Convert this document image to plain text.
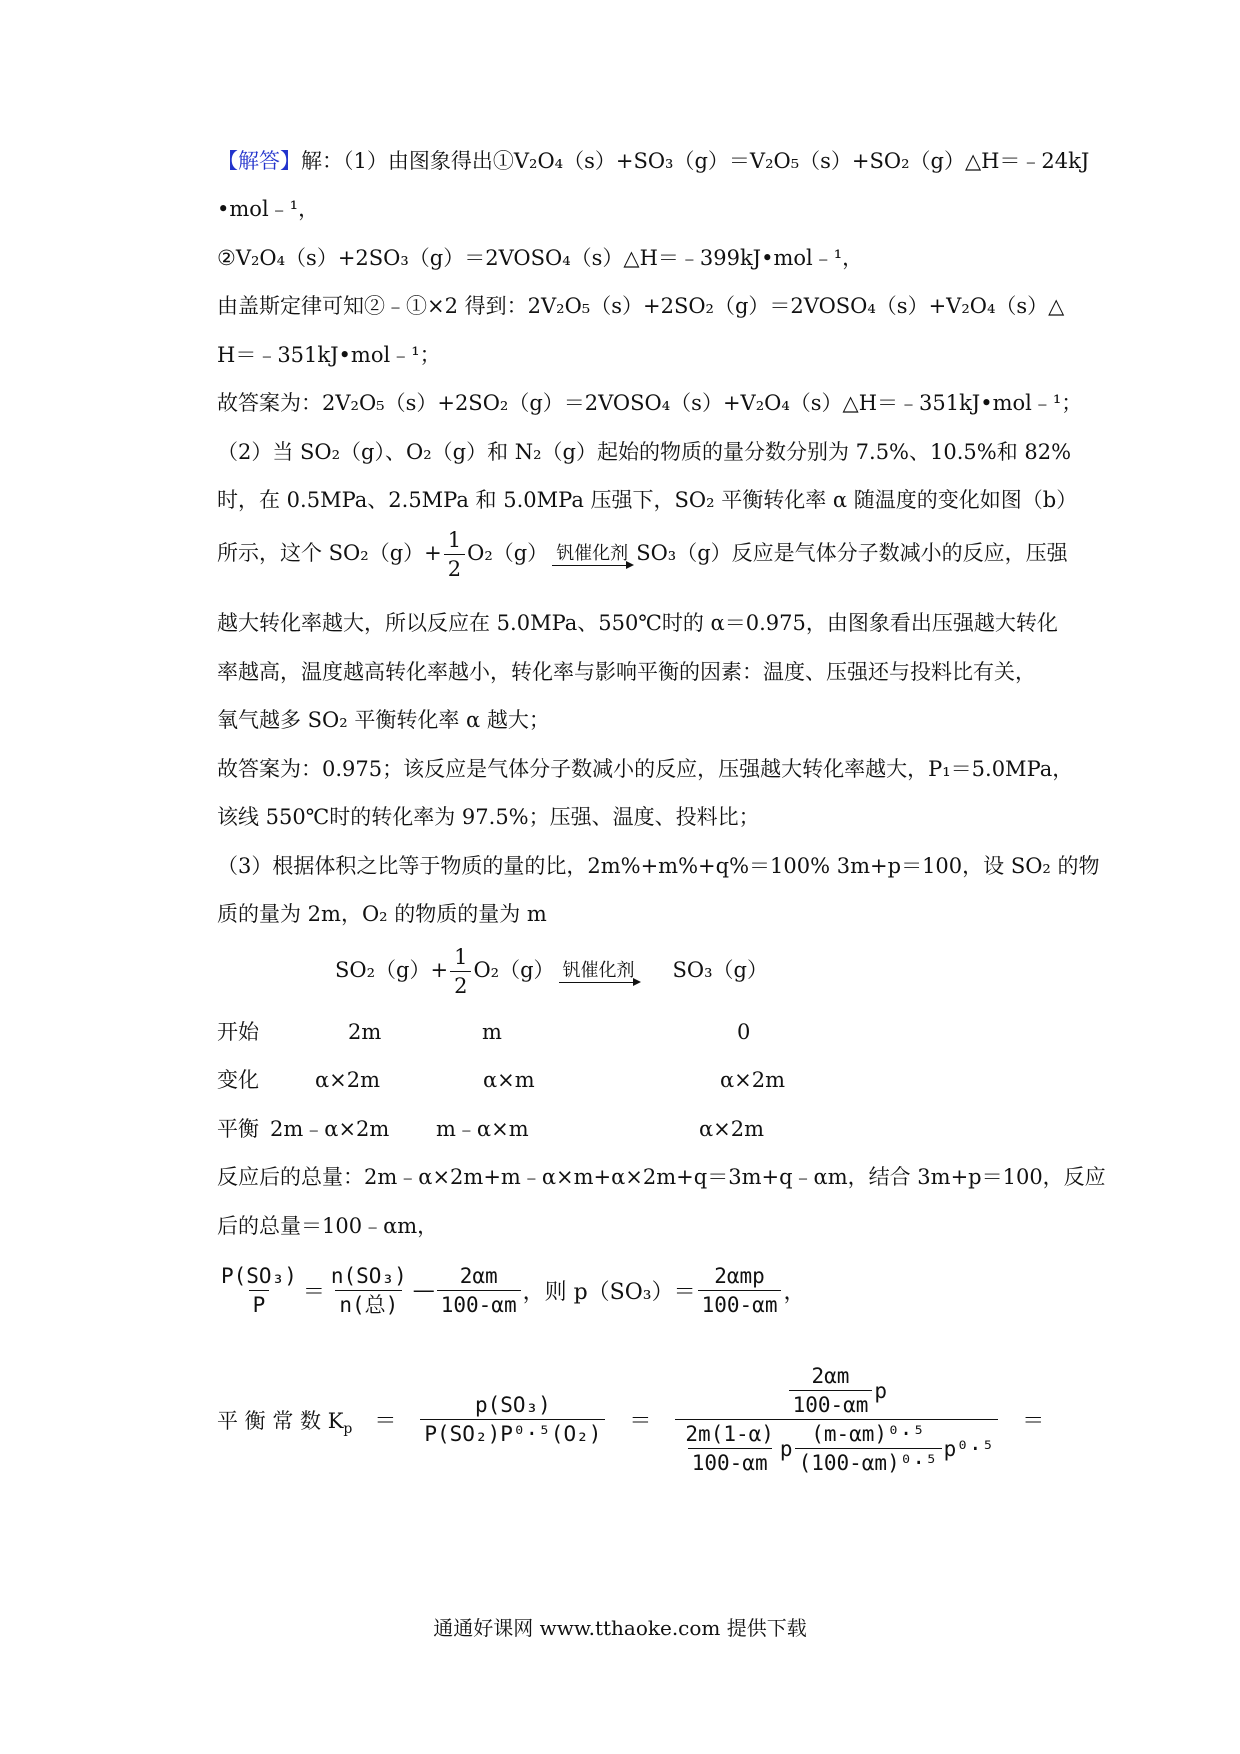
【解答】解：（1）由图象得出①V₂O₄（s）+SO₃（g）＝V₂O₅（s）+SO₂（g）△H＝﹣24kJ
•mol﹣¹，
②V₂O₄（s）+2SO₃（g）＝2VOSO₄（s）△H＝﹣399kJ•mol﹣¹，
由盖斯定律可知②﹣①×2 得到：2V₂O₅（s）+2SO₂（g）＝2VOSO₄（s）+V₂O₄（s）△
H＝﹣351kJ•mol﹣¹；
故答案为：2V₂O₅（s）+2SO₂（g）＝2VOSO₄（s）+V₂O₄（s）△H＝﹣351kJ•mol﹣¹；
（2）当 SO₂（g）、O₂（g）和 N₂（g）起始的物质的量分数分别为 7.5%、10.5%和 82%
时，在 0.5MPa、2.5MPa 和 5.0MPa 压强下，SO₂ 平衡转化率 α 随温度的变化如图（b）
所示，这个 $SO_2(g)+ \frac{1}{2} O_2(g)$ 钒催化剂 SO₃（g）反应是气体分子数减小的反应，压强
越大转化率越大，所以反应在 5.0MPa、550℃时的 α＝0.975，由图象看出压强越大转化
率越高，温度越高转化率越小，转化率与影响平衡的因素：温度、压强还与投料比有关，
氧气越多 SO₂ 平衡转化率 α 越大；
故答案为：0.975；该反应是气体分子数减小的反应，压强越大转化率越大，P₁＝5.0MPa，
该线 550℃时的转化率为 97.5%；压强、温度、投料比；
（3）根据体积之比等于物质的量的比，2m%+m%+q%＝100% 3m+p＝100，设 SO₂ 的物
质的量为 2m，O₂ 的物质的量为 m
$SO_2(g)+ \frac{1}{2} O_2(g)$ 钒催化剂 SO₃（g）
开始	2m	m	0
变化	α×2m	α×m	α×2m
平衡 2m﹣α×2m m﹣α×m	α×2m
反应后的总量：2m﹣α×2m+m﹣α×m+α×2m+q＝3m+q﹣αm，结合 3m+p＝100，反应
后的总量＝100﹣αm，
$\frac{\text{P(SO₃)}}{P} = \frac{\text{n(SO₃)}}{\text{n(总)}}$ — $\frac{2\alpha m}{100-\alpha m}$ ，则 $p(SO_3)= \frac{\text{2αmp}}{100-\alpha m}$ ，
平 衡 常 数 $K_p = \frac{\text{p(SO₃)}}{\text{P(SO₂)P⁰·⁵(O₂)}} = \frac{\frac{2\alpha m}{100-\alpha m} p}{\frac{2m(1-\alpha)}{100-\alpha m} p \frac{\text{(m-αm)⁰·⁵}}{\text{(100-αm)⁰·⁵}} p^0\cdot^5}$ ＝
通通好课网 www.tthaoke.com 提供下载
